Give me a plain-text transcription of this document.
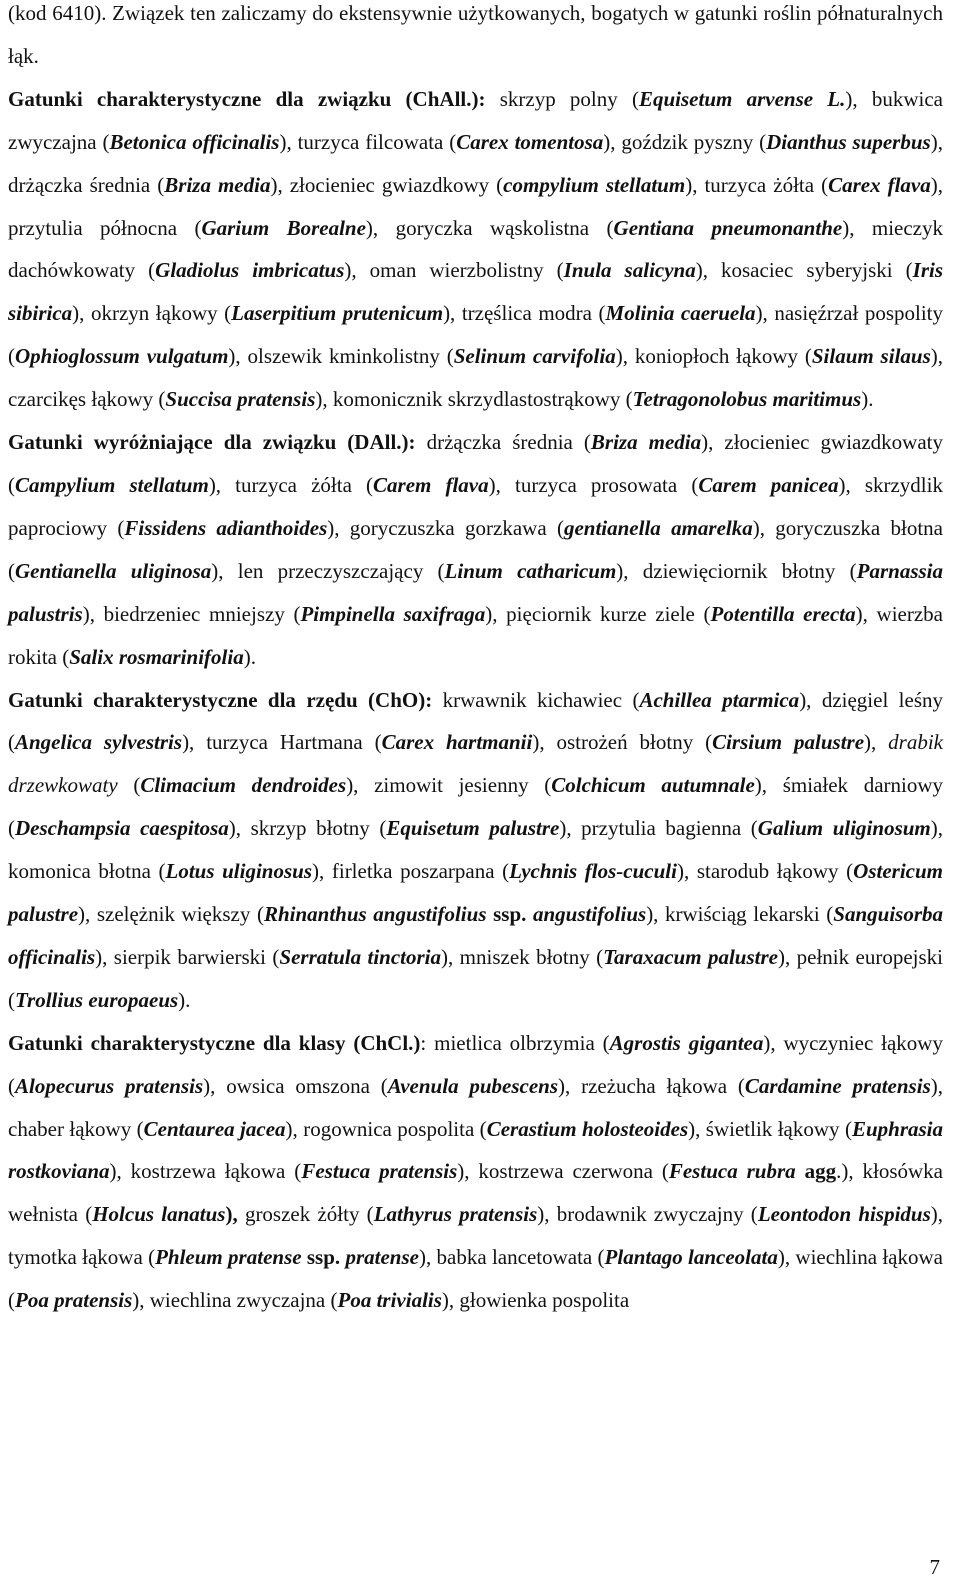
(kod 6410). Związek ten zaliczamy do ekstensywnie użytkowanych, bogatych w gatunki roślin półnaturalnych łąk.

Gatunki charakterystyczne dla związku (ChAll.): skrzyp polny (Equisetum arvense L.), bukwica zwyczajna (Betonica officinalis), turzyca filcowata (Carex tomentosa), goździk pyszny (Dianthus superbus), drżączka średnia (Briza media), złocieniec gwiazdkowy (compylium stellatum), turzyca żółta (Carex flava), przytulia północna (Garium Borealne), goryczka wąskolistna (Gentiana pneumonanthe), mieczyk dachówkowaty (Gladiolus imbricatus), oman wierzbolistny (Inula salicyna), kosaciec syberyjski (Iris sibirica), okrzyn łąkowy (Laserpitium prutenicum), trzęślica modra (Molinia caeruela), nasięźrzał pospolity (Ophioglossum vulgatum), olszewik kminkolistny (Selinum carvifolia), koniopłoch łąkowy (Silaum silaus), czarcikęs łąkowy (Succisa pratensis), komonicznik skrzydlastostrąkowy (Tetragonolobus maritimus).

Gatunki wyróżniające dla związku (DAll.): drżączka średnia (Briza media), złocieniec gwiazdkowaty (Campylium stellatum), turzyca żółta (Carem flava), turzyca prosowata (Carem panicea), skrzydlik paprociowy (Fissidens adianthoides), goryczuszka gorzkawa (gentianella amarelka), goryczuszka błotna (Gentianella uliginosa), len przeczyszczający (Linum catharicum), dziewięciornik błotny (Parnassia palustris), biedrzeniec mniejszy (Pimpinella saxifraga), pięciornik kurze ziele (Potentilla erecta), wierzba rokita (Salix rosmarinifolia).

Gatunki charakterystyczne dla rzędu (ChO): krwawnik kichawiec (Achillea ptarmica), dzięgiel leśny (Angelica sylvestris), turzyca Hartmana (Carex hartmanii), ostrożeń błotny (Cirsium palustre), drabik drzewkowaty (Climacium dendroides), zimowit jesienny (Colchicum autumnale), śmiałek darniowy (Deschampsia caespitosa), skrzyp błotny (Equisetum palustre), przytulia bagienna (Galium uliginosum), komonica błotna (Lotus uliginosus), firletka poszarpana (Lychnis flos-cuculi), starodub łąkowy (Ostericum palustre), szelężnik większy (Rhinanthus angustifolius ssp. angustifolius), krwiściąg lekarski (Sanguisorba officinalis), sierpik barwierski (Serratula tinctoria), mniszek błotny (Taraxacum palustre), pełnik europejski (Trollius europaeus).

Gatunki charakterystyczne dla klasy (ChCl.): mietlica olbrzymia (Agrostis gigantea), wyczyniec łąkowy (Alopecurus pratensis), owsica omszona (Avenula pubescens), rzeżucha łąkowa (Cardamine pratensis), chaber łąkowy (Centaurea jacea), rogownica pospolita (Cerastium holosteoides), świetlik łąkowy (Euphrasia rostkoviana), kostrzewa łąkowa (Festuca pratensis), kostrzewa czerwona (Festuca rubra agg.), kłosówka wełnista (Holcus lanatus), groszek żółty (Lathyrus pratensis), brodawnik zwyczajny (Leontodon hispidus), tymotka łąkowa (Phleum pratense ssp. pratense), babka lancetowata (Plantago lanceolata), wiechlina łąkowa (Poa pratensis), wiechlina zwyczajna (Poa trivialis), głowienka pospolita

7
